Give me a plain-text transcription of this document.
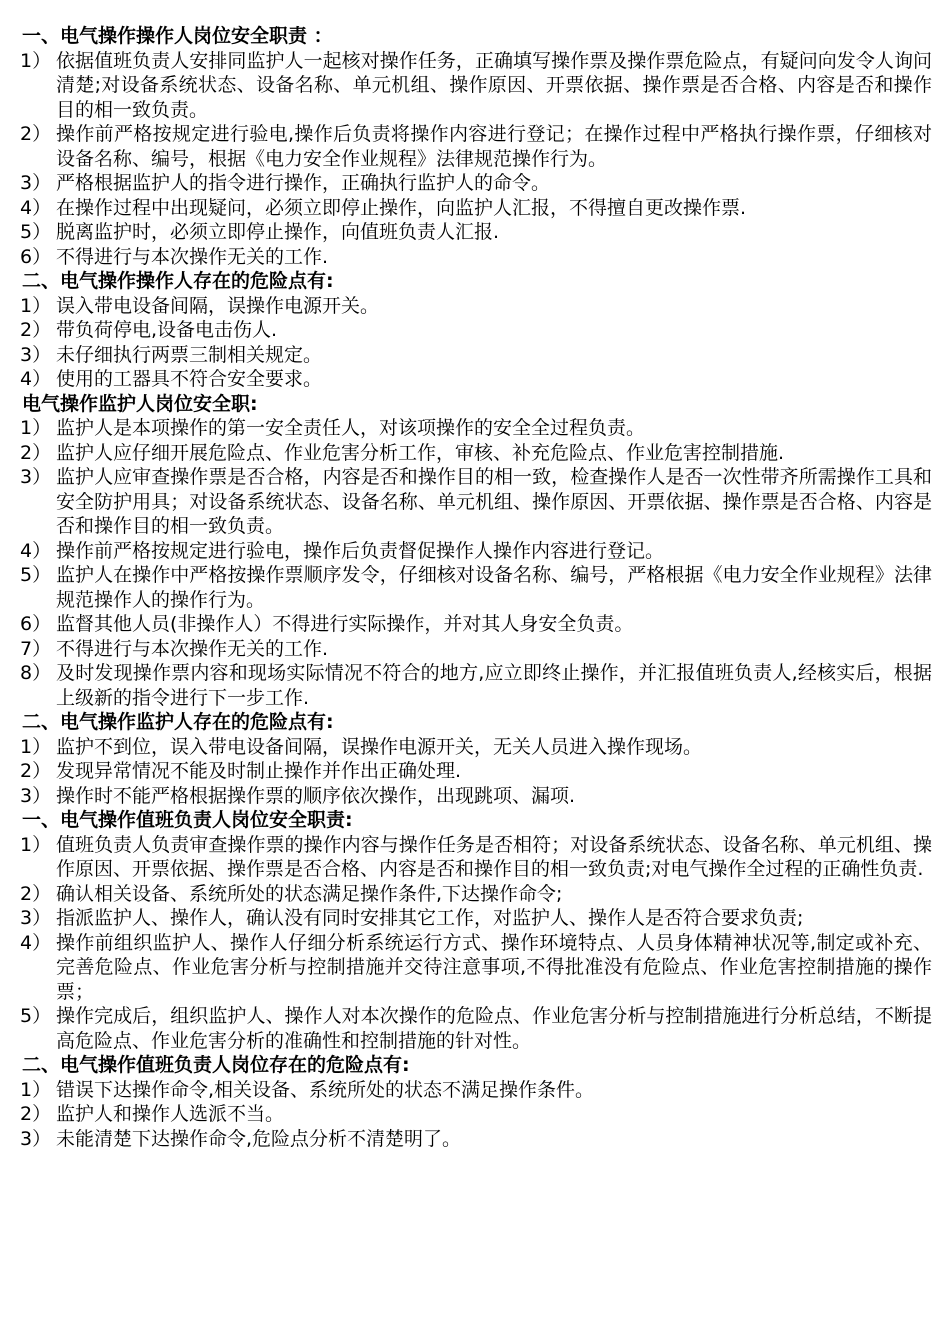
一、电气操作操作人岗位安全职责 ：
1） 依据值班负责人安排同监护人一起核对操作任务，正确填写操作票及操作票危险点，有疑问向发令人询问清楚;对设备系统状态、设备名称、单元机组、操作原因、开票依据、操作票是否合格、内容是否和操作目的相一致负责。
2） 操作前严格按规定进行验电,操作后负责将操作内容进行登记；在操作过程中严格执行操作票，仔细核对设备名称、编号，根据《电力安全作业规程》法律规范操作行为。
3） 严格根据监护人的指令进行操作，正确执行监护人的命令。
4） 在操作过程中出现疑问，必须立即停止操作，向监护人汇报，不得擅自更改操作票.
5） 脱离监护时，必须立即停止操作，向值班负责人汇报.
6） 不得进行与本次操作无关的工作.
二、电气操作操作人存在的危险点有:
1） 误入带电设备间隔，误操作电源开关。
2） 带负荷停电,设备电击伤人.
3） 未仔细执行两票三制相关规定。
4） 使用的工器具不符合安全要求。
电气操作监护人岗位安全职:
1） 监护人是本项操作的第一安全责任人，对该项操作的安全全过程负责。
2） 监护人应仔细开展危险点、作业危害分析工作，审核、补充危险点、作业危害控制措施.
3） 监护人应审查操作票是否合格，内容是否和操作目的相一致，检查操作人是否一次性带齐所需操作工具和安全防护用具；对设备系统状态、设备名称、单元机组、操作原因、开票依据、操作票是否合格、内容是否和操作目的相一致负责。
4） 操作前严格按规定进行验电，操作后负责督促操作人操作内容进行登记。
5） 监护人在操作中严格按操作票顺序发令，仔细核对设备名称、编号，严格根据《电力安全作业规程》法律规范操作人的操作行为。
6） 监督其他人员(非操作人）不得进行实际操作，并对其人身安全负责。
7） 不得进行与本次操作无关的工作.
8） 及时发现操作票内容和现场实际情况不符合的地方,应立即终止操作，并汇报值班负责人,经核实后，根据上级新的指令进行下一步工作.
二、电气操作监护人存在的危险点有:
1） 监护不到位，误入带电设备间隔，误操作电源开关，无关人员进入操作现场。
2） 发现异常情况不能及时制止操作并作出正确处理.
3） 操作时不能严格根据操作票的顺序依次操作，出现跳项、漏项.
一、电气操作值班负责人岗位安全职责:
1） 值班负责人负责审查操作票的操作内容与操作任务是否相符；对设备系统状态、设备名称、单元机组、操作原因、开票依据、操作票是否合格、内容是否和操作目的相一致负责;对电气操作全过程的正确性负责.
2） 确认相关设备、系统所处的状态满足操作条件,下达操作命令;
3） 指派监护人、操作人，确认没有同时安排其它工作，对监护人、操作人是否符合要求负责;
4） 操作前组织监护人、操作人仔细分析系统运行方式、操作环境特点、人员身体精神状况等,制定或补充、完善危险点、作业危害分析与控制措施并交待注意事项,不得批准没有危险点、作业危害控制措施的操作票；
5） 操作完成后，组织监护人、操作人对本次操作的危险点、作业危害分析与控制措施进行分析总结，不断提高危险点、作业危害分析的准确性和控制措施的针对性。
二、电气操作值班负责人岗位存在的危险点有:
1） 错误下达操作命令,相关设备、系统所处的状态不满足操作条件。
2） 监护人和操作人选派不当。
3） 未能清楚下达操作命令,危险点分析不清楚明了。
